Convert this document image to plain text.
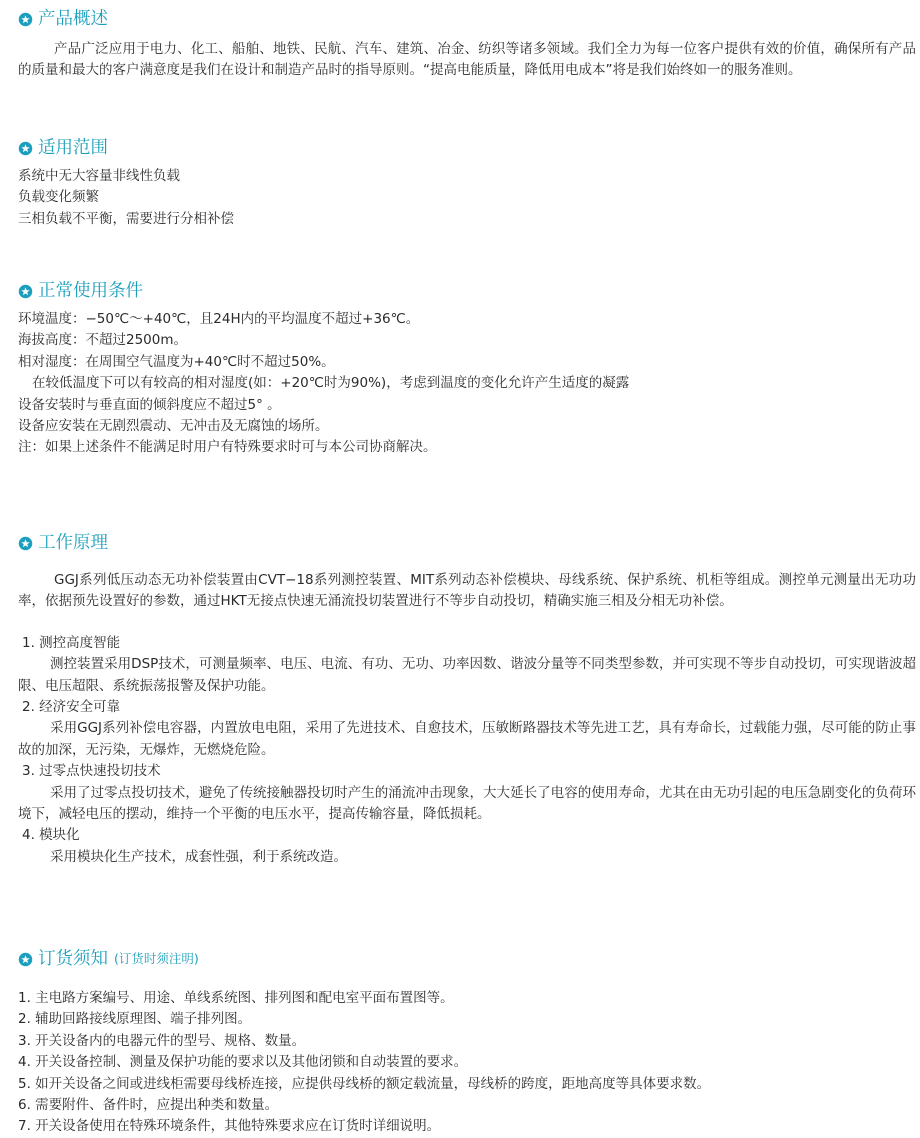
产品概述

产品广泛应用于电力、化工、船舶、地铁、民航、汽车、建筑、冶金、纺织等诸多领域。我们全力为每一位客户提供有效的价值，确保所有产品的质量和最大的客户满意度是我们在设计和制造产品时的指导原则。“提高电能质量，降低用电成本”将是我们始终如一的服务准则。

适用范围

系统中无大容量非线性负载

负载变化频繁

三相负载不平衡，需要进行分相补偿

正常使用条件

环境温度：−50℃～+40℃，且24H内的平均温度不超过+36℃。

海拔高度：不超过2500m。

相对湿度：在周围空气温度为+40℃时不超过50%。

在较低温度下可以有较高的相对湿度(如：+20℃时为90%)，考虑到温度的变化允许产生适度的凝露

设备安装时与垂直面的倾斜度应不超过5° 。

设备应安装在无剧烈震动、无冲击及无腐蚀的场所。

注：如果上述条件不能满足时用户有特殊要求时可与本公司协商解决。

工作原理

GGJ系列低压动态无功补偿装置由CVT−18系列测控装置、MIT系列动态补偿模块、母线系统、保护系统、机柜等组成。测控单元测量出无功功率，依据预先设置好的参数，通过HKT无接点快速无涌流投切装置进行不等步自动投切，精确实施三相及分相无功补偿。

1. 测控高度智能

测控装置采用DSP技术，可测量频率、电压、电流、有功、无功、功率因数、谐波分量等不同类型参数，并可实现不等步自动投切，可实现谐波超限、电压超限、系统振荡报警及保护功能。

2. 经济安全可靠

采用GGJ系列补偿电容器，内置放电电阻，采用了先进技术、自愈技术，压敏断路器技术等先进工艺，具有寿命长，过载能力强，尽可能的防止事故的加深，无污染，无爆炸，无燃烧危险。

3. 过零点快速投切技术

采用了过零点投切技术，避免了传统接触器投切时产生的涌流冲击现象，大大延长了电容的使用寿命，尤其在由无功引起的电压急剧变化的负荷环境下，减轻电压的摆动，维持一个平衡的电压水平，提高传输容量，降低损耗。

4. 模块化

采用模块化生产技术，成套性强，利于系统改造。

订货须知 (订货时须注明)

1. 主电路方案编号、用途、单线系统图、排列图和配电室平面布置图等。

2. 辅助回路接线原理图、端子排列图。

3. 开关设备内的电器元件的型号、规格、数量。

4. 开关设备控制、测量及保护功能的要求以及其他闭锁和自动装置的要求。

5. 如开关设备之间或进线柜需要母线桥连接，应提供母线桥的额定载流量，母线桥的跨度，距地高度等具体要求数。

6. 需要附件、备件时，应提出种类和数量。

7. 开关设备使用在特殊环境条件，其他特殊要求应在订货时详细说明。
